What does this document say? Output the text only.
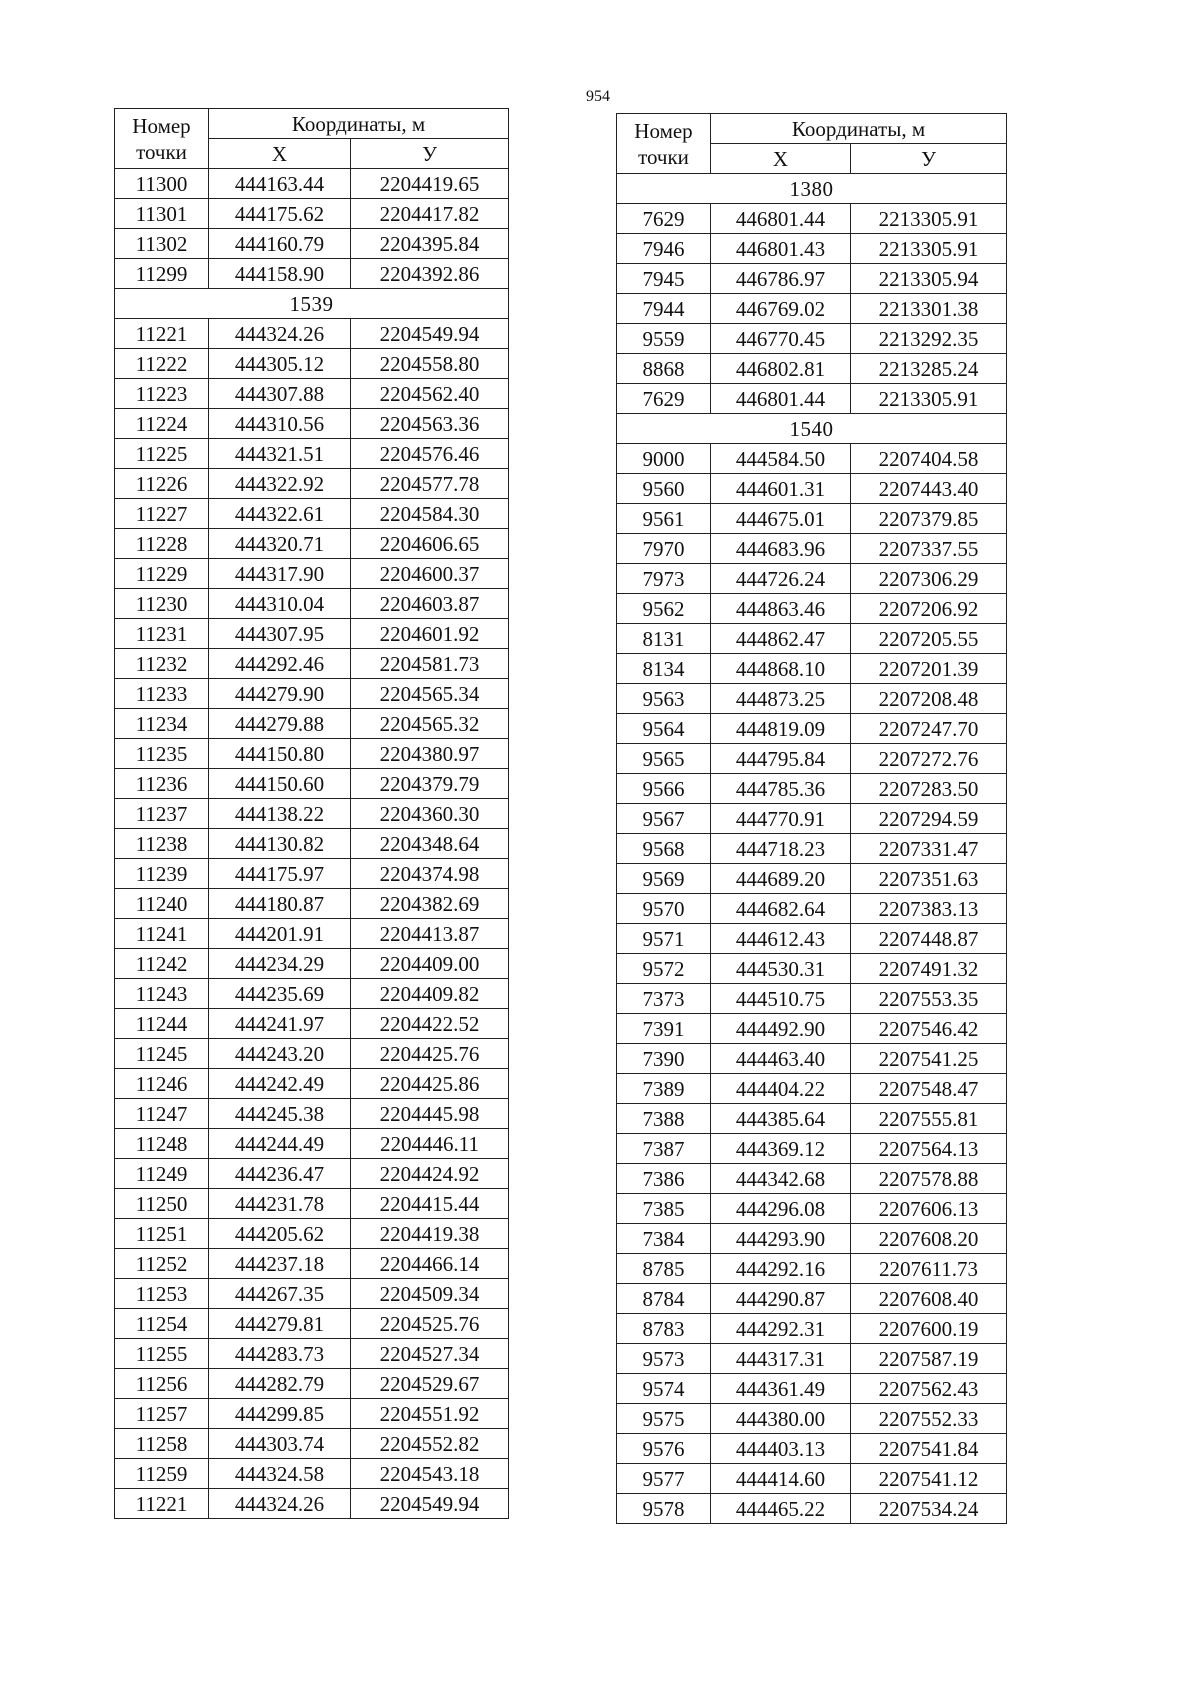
954
Номер
точки	Координаты, м	
	X	У
11300	444163.44	2204419.65
11301	444175.62	2204417.82
11302	444160.79	2204395.84
11299	444158.90	2204392.86
1539		
11221	444324.26	2204549.94
11222	444305.12	2204558.80
11223	444307.88	2204562.40
11224	444310.56	2204563.36
11225	444321.51	2204576.46
11226	444322.92	2204577.78
11227	444322.61	2204584.30
11228	444320.71	2204606.65
11229	444317.90	2204600.37
11230	444310.04	2204603.87
11231	444307.95	2204601.92
11232	444292.46	2204581.73
11233	444279.90	2204565.34
11234	444279.88	2204565.32
11235	444150.80	2204380.97
11236	444150.60	2204379.79
11237	444138.22	2204360.30
11238	444130.82	2204348.64
11239	444175.97	2204374.98
11240	444180.87	2204382.69
11241	444201.91	2204413.87
11242	444234.29	2204409.00
11243	444235.69	2204409.82
11244	444241.97	2204422.52
11245	444243.20	2204425.76
11246	444242.49	2204425.86
11247	444245.38	2204445.98
11248	444244.49	2204446.11
11249	444236.47	2204424.92
11250	444231.78	2204415.44
11251	444205.62	2204419.38
11252	444237.18	2204466.14
11253	444267.35	2204509.34
11254	444279.81	2204525.76
11255	444283.73	2204527.34
11256	444282.79	2204529.67
11257	444299.85	2204551.92
11258	444303.74	2204552.82
11259	444324.58	2204543.18
11221	444324.26	2204549.94
Номер
точки	Координаты, м	
	X	У
1380		
7629	446801.44	2213305.91
7946	446801.43	2213305.91
7945	446786.97	2213305.94
7944	446769.02	2213301.38
9559	446770.45	2213292.35
8868	446802.81	2213285.24
7629	446801.44	2213305.91
1540		
9000	444584.50	2207404.58
9560	444601.31	2207443.40
9561	444675.01	2207379.85
7970	444683.96	2207337.55
7973	444726.24	2207306.29
9562	444863.46	2207206.92
8131	444862.47	2207205.55
8134	444868.10	2207201.39
9563	444873.25	2207208.48
9564	444819.09	2207247.70
9565	444795.84	2207272.76
9566	444785.36	2207283.50
9567	444770.91	2207294.59
9568	444718.23	2207331.47
9569	444689.20	2207351.63
9570	444682.64	2207383.13
9571	444612.43	2207448.87
9572	444530.31	2207491.32
7373	444510.75	2207553.35
7391	444492.90	2207546.42
7390	444463.40	2207541.25
7389	444404.22	2207548.47
7388	444385.64	2207555.81
7387	444369.12	2207564.13
7386	444342.68	2207578.88
7385	444296.08	2207606.13
7384	444293.90	2207608.20
8785	444292.16	2207611.73
8784	444290.87	2207608.40
8783	444292.31	2207600.19
9573	444317.31	2207587.19
9574	444361.49	2207562.43
9575	444380.00	2207552.33
9576	444403.13	2207541.84
9577	444414.60	2207541.12
9578	444465.22	2207534.24
